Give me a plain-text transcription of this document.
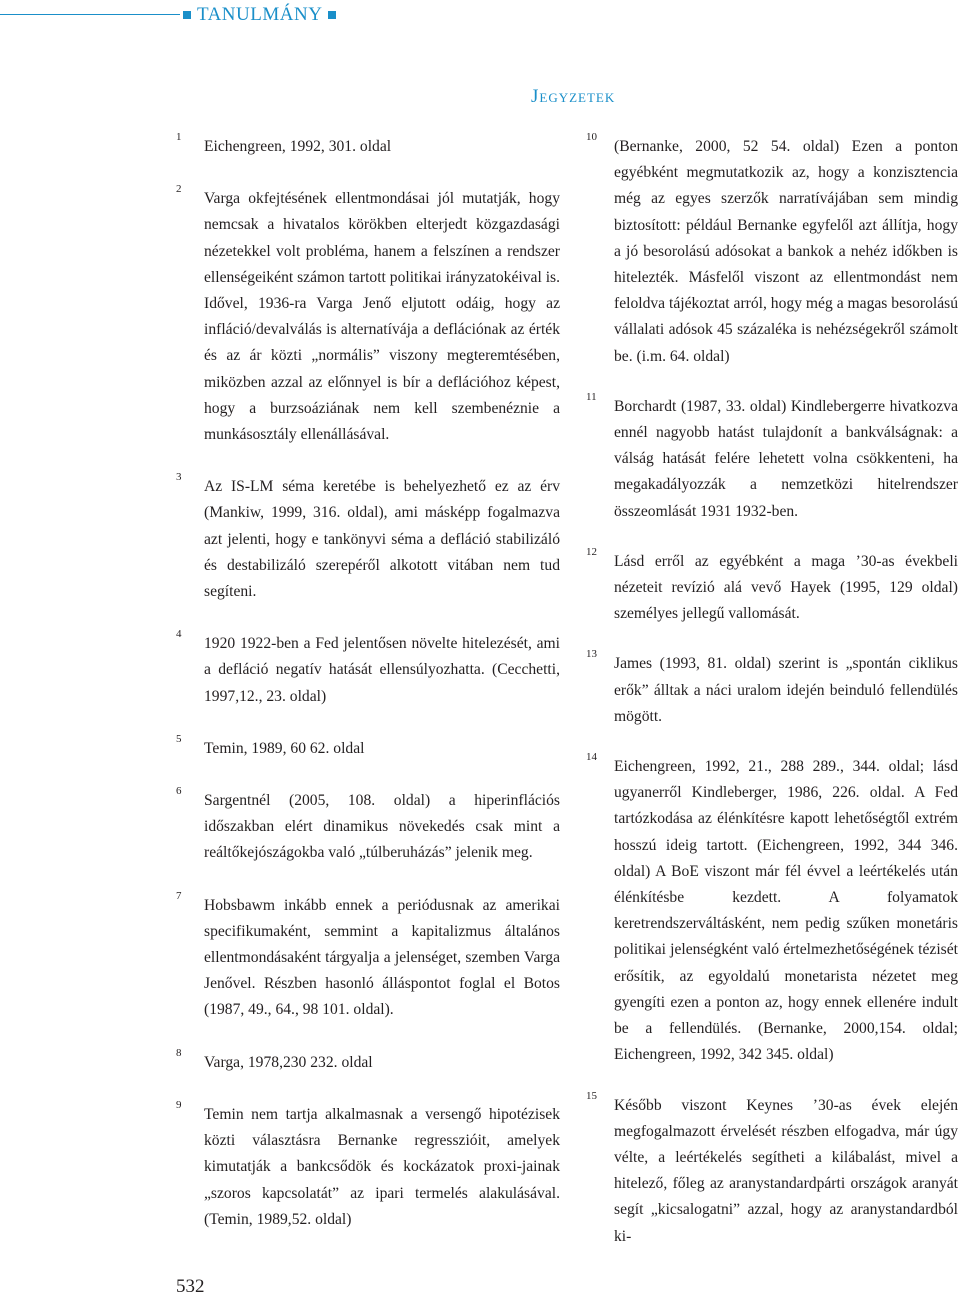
TANULMÁNY
Jegyzetek
1
Eichengreen, 1992, 301. oldal
2
Varga okfejtésének ellentmondásai jól mutatják, hogy nemcsak a hivatalos körökben elterjedt közgazdasági nézetekkel volt probléma, hanem a felszínen a rendszer ellenségeiként számon tartott politikai irányzatokéival is. Idővel, 1936-ra Varga Jenő eljutott odáig, hogy az infláció/devalválás is alternatívája a deflációnak az érték és az ár közti „normális” viszony megteremtésében, miközben azzal az előnnyel is bír a deflációhoz képest, hogy a burzsoáziának nem kell szembenéznie a munkásosztály ellenállásával.
3
Az IS-LM séma keretébe is behelyezhető ez az érv (Mankiw, 1999, 316. oldal), ami másképp fogalmazva azt jelenti, hogy e tankönyvi séma a defláció stabilizáló és destabilizáló szerepéről alkotott vitában nem tud segíteni.
4
1920 1922-ben a Fed jelentősen növelte hitelezését, ami a defláció negatív hatását ellensúlyozhatta. (Cecchetti, 1997,12., 23. oldal)
5
Temin, 1989, 60 62. oldal
6
Sargentnél (2005, 108. oldal) a hiperinflációs időszakban elért dinamikus növekedés csak mint a reáltőkejószágokba való „túlberuházás” jelenik meg.
7
Hobsbawm inkább ennek a periódusnak az amerikai specifikumaként, semmint a kapitalizmus általános ellentmondásaként tárgyalja a jelenséget, szemben Varga Jenővel. Részben hasonló álláspontot foglal el Botos (1987, 49., 64., 98 101. oldal).
8
Varga, 1978,230 232. oldal
9
Temin nem tartja alkalmasnak a versengő hipotézisek közti választásra Bernanke regresszióit, amelyek kimutatják a bankcsődök és kockázatok proxi-jainak „szoros kapcsolatát” az ipari termelés alakulásával. (Temin, 1989,52. oldal)
10
(Bernanke, 2000, 52 54. oldal) Ezen a ponton egyébként megmutatkozik az, hogy a konzisztencia még az egyes szerzők narratívájában sem mindig biztosított: például Bernanke egyfelől azt állítja, hogy a jó besorolású adósokat a bankok a nehéz időkben is hitelezték. Másfelől viszont az ellentmondást nem feloldva tájékoztat arról, hogy még a magas besorolású vállalati adósok 45 százaléka is nehézségekről számolt be. (i.m. 64. oldal)
11
Borchardt (1987, 33. oldal) Kindlebergerre hivatkozva ennél nagyobb hatást tulajdonít a bankválságnak: a válság hatását felére lehetett volna csökkenteni, ha megakadályozzák a nemzetközi hitelrendszer összeomlását 1931 1932-ben.
12
Lásd erről az egyébként a maga ’30-as évekbeli nézeteit revízió alá vevő Hayek (1995, 129 oldal) személyes jellegű vallomását.
13
James (1993, 81. oldal) szerint is „spontán ciklikus erők” álltak a náci uralom idején beinduló fellendülés mögött.
14
Eichengreen, 1992, 21., 288 289., 344. oldal; lásd ugyanerről Kindleberger, 1986, 226. oldal. A Fed tartózkodása az élénkítésre kapott lehetőségtől extrém hosszú ideig tartott. (Eichengreen, 1992, 344 346. oldal) A BoE viszont már fél évvel a leértékelés után élénkítésbe kezdett. A folyamatok keretrendszerváltásként, nem pedig szűken monetáris politikai jelenségként való értelmezhetőségének tézisét erősítik, az egyoldalú monetarista nézetet meg gyengíti ezen a ponton az, hogy ennek ellenére indult be a fellendülés. (Bernanke, 2000,154. oldal; Eichengreen, 1992, 342 345. oldal)
15
Később viszont Keynes ’30-as évek elején megfogalmazott érvelését részben elfogadva, már úgy vélte, a leértékelés segítheti a kilábalást, mivel a hitelező, főleg az aranystandardpárti országok aranyát segít „kicsalogatni” azzal, hogy az aranystandardból ki-
532
